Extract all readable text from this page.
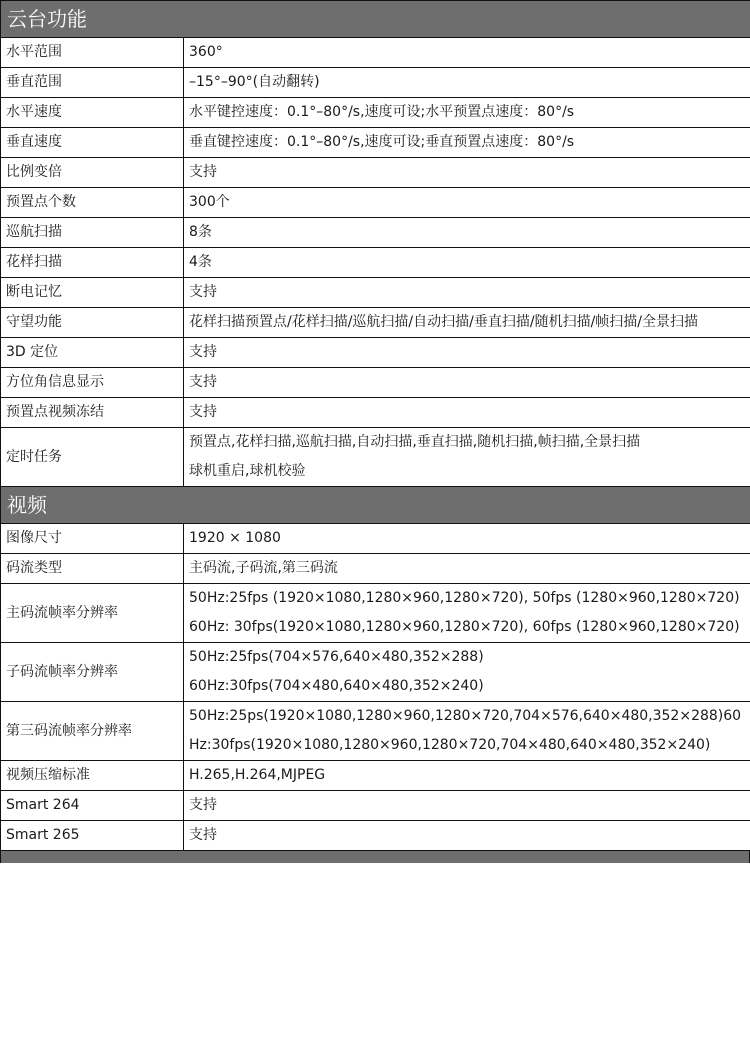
云台功能	
水平范围	360°

垂直范围	–15°–90°(自动翻转)

水平速度	水平键控速度：0.1°–80°/s,速度可设;水平预置点速度：80°/s

垂直速度	垂直键控速度：0.1°–80°/s,速度可设;垂直预置点速度：80°/s

比例变倍	支持

预置点个数	300个

巡航扫描	8条

花样扫描	4条

断电记忆	支持

守望功能	花样扫描预置点/花样扫描/巡航扫描/自动扫描/垂直扫描/随机扫描/帧扫描/全景扫描

3D 定位	支持

方位角信息显示	支持

预置点视频冻结	支持

定时任务	预置点,花样扫描,巡航扫描,自动扫描,垂直扫描,随机扫描,帧扫描,全景扫描
球机重启,球机校验

视频	
图像尺寸	1920 × 1080

码流类型	主码流,子码流,第三码流

主码流帧率分辨率	50Hz:25fps (1920×1080,1280×960,1280×720), 50fps (1280×960,1280×720)
60Hz: 30fps(1920×1080,1280×960,1280×720), 60fps (1280×960,1280×720)

子码流帧率分辨率	50Hz:25fps(704×576,640×480,352×288)
60Hz:30fps(704×480,640×480,352×240)

第三码流帧率分辨率	50Hz:25ps(1920×1080,1280×960,1280×720,704×576,640×480,352×288)60Hz:30fps(1920×1080,1280×960,1280×720,704×480,640×480,352×240)

视频压缩标准	H.265,H.264,MJPEG

Smart 264	支持

Smart 265	支持
